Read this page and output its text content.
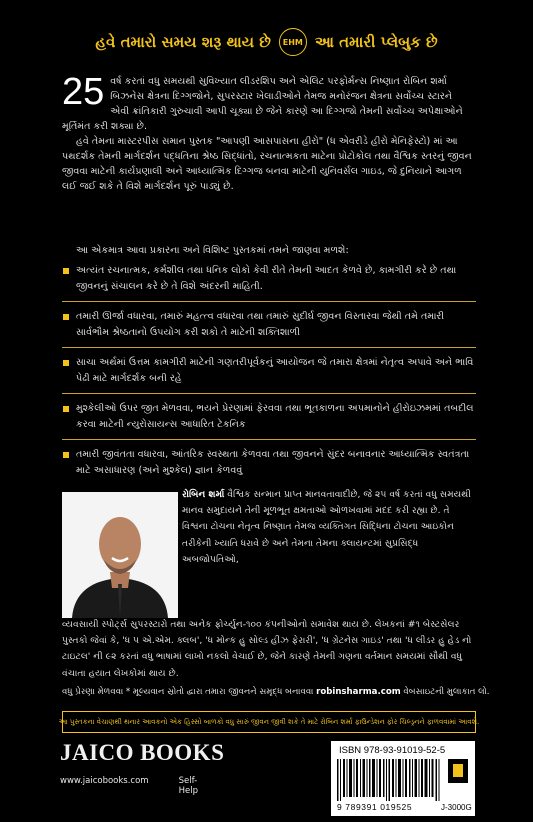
હવે તમારો સમય શરૂ થાય છે	EHM આ તમારી પ્લેબુક છે
25 વર્ષ કરતાં વધુ સમયથી સુવિખ્યાત લીડરશિપ અને એલિટ પરફોર્મન્સ નિષ્ણાત રોબિન શર્મા બિઝનેસ ક્ષેત્રના દિગ્ગજોને, સુપરસ્ટાર ખેલાડીઓને તેમજ મનોરંજન ક્ષેત્રના સર્વોચ્ચ સ્ટારને એવી ક્રાંતિકારી ગુરુચાવી આપી ચૂક્યા છે જેને કારણે આ દિગ્ગજો તેમની સર્વોચ્ચ અપેક્ષાઓને મૂર્તિમંત કરી શક્યા છે.

હવે તેમના માસ્ટરપીસ સમાન પુસ્તક "આપણી આસપાસના હીરો" (ધ એવરીડે હીરો મેનિફેસ્ટો) માં આ પથદર્શક તેમની માર્ગદર્શન પદ્ધતિના શ્રેષ્ઠ સિદ્ધાંતો, રચનાત્મકતા માટેના પ્રોટોકોલ તથા વૈશ્વિક સ્તરનું જીવન જીવવા માટેની કાર્યપ્રણાલી અને આધ્યાત્મિક દિગ્ગજ બનવા માટેની યુનિવર્સલ ગાઇડ, જે દુનિયાને આગળ લઈ જઈ શકે તે વિશે માર્ગદર્શન પૂરું પાડ્યું છે.

આ એકમાત્ર આવા પ્રકારના અને વિશિષ્ટ પુસ્તકમાં તમને જાણવા મળશે:
અત્યંત રચનાત્મક, કર્મશીલ તથા ધનિક લોકો કેવી રીતે તેમની આદત કેળવે છે, કામગીરી કરે છે તથા જીવનનું સંચાલન કરે છે તે વિશે અંદરની માહિતી.
તમારી ઊર્જા વધારવા, તમારું મહત્ત્વ વધારવા તથા તમારું સુદીર્ઘ જીવન વિસ્તારવા જેથી તમે તમારી સાર્વભૌમ શ્રેષ્ઠતાનો ઉપયોગ કરી શકો તે માટેની શક્તિશાળી
સાચા અર્થમાં ઉત્તમ કામગીરી માટેની ગણતરીપૂર્વકનું આયોજન જે તમારા ક્ષેત્રમાં નેતૃત્વ અપાવે અને ભાવિ પેઢી માટે માર્ગદર્શક બની રહે
મુશ્કેલીઓ ઉપર જીત મેળવવા, ભયને પ્રેરણામાં ફેરવવા તથા ભૂતકાળના અપમાનોને હીરોઇઝમમાં તબદીલ કરવા માટેની ન્યુરોસાયન્સ આધારિત ટેકનિક
તમારી જીવંતતા વધારવા, આંતરિક સ્વસ્થતા કેળવવા તથા જીવનને સુંદર બનાવનાર આધ્યાત્મિક સ્વતંત્રતા માટે અસાધારણ (અને મુશ્કેલ) જ્ઞાન કેળવવું
રોબિન શર્મા વૈશ્વિક સન્માન પ્રાપ્ત માનવતાવાદીછે, જે ૨૫ વર્ષ કરતાં વધુ સમયથી માનવ સમુદાયને તેની મૂળભૂત ક્ષમતાઓ ઓળખવામાં મદદ કરી રહ્યા છે. તે વિશ્વના ટોચના નેતૃત્વ નિષ્ણાત તેમજ વ્યક્તિગત સિદ્ધિના ટોચના આઇકોન તરીકેની ખ્યાતિ ધરાવે છે અને તેમના તેમના ક્લાયન્ટમાં સુપ્રસિદ્ધ અબજોપતિઓ,
વ્યવસાયી સ્પોર્ટ્સ સુપરસ્ટારો તથા અનેક ફોર્ચ્યુન-૧૦૦ કંપનીઓનો સમાવેશ થાય છે. લેખકનાં #૧ બેસ્ટસેલર પુસ્તકો જેવાં કે, 'ધ ૫ એ.એમ. ક્લબ', 'ધ મોન્ક હુ સોલ્ડ હીઝ ફેરારી', 'ધ ગ્રેટનેસ ગાઇડ' તથા 'ધ લીડર હુ હેડ નો ટાઇટલ' ની ૯૨ કરતાં વધુ ભાષામાં લાખો નકલો વેચાઈ છે, જેને કારણે તેમની ગણના વર્તમાન સમયમાં સૌથી વધુ વંચાતા હયાત લેખકોમાં થાય છે.
વધુ પ્રેરણા મેળવવા * મૂલ્યવાન સ્રોતો દ્વારા તમારા જીવનને સમૃદ્ધ બનાવવા robinsharma.com વેબસાઇટની મુલાકાત લો.
આ પુસ્તકના વેચાણથી થનાર આવકનો એક હિસ્સો બાળકો વધુ સારું જીવન જીવી શકે તે માટે રોબિન શર્મા ફાઉન્ડેશન ફોર ચિલ્ડ્રનને ફાળવવામાં આવશે.
JAICO BOOKS
www.jaicobooks.com	Self-Help
ISBN 978-93-91019-52-5
9 789391 019525	J-3000G
